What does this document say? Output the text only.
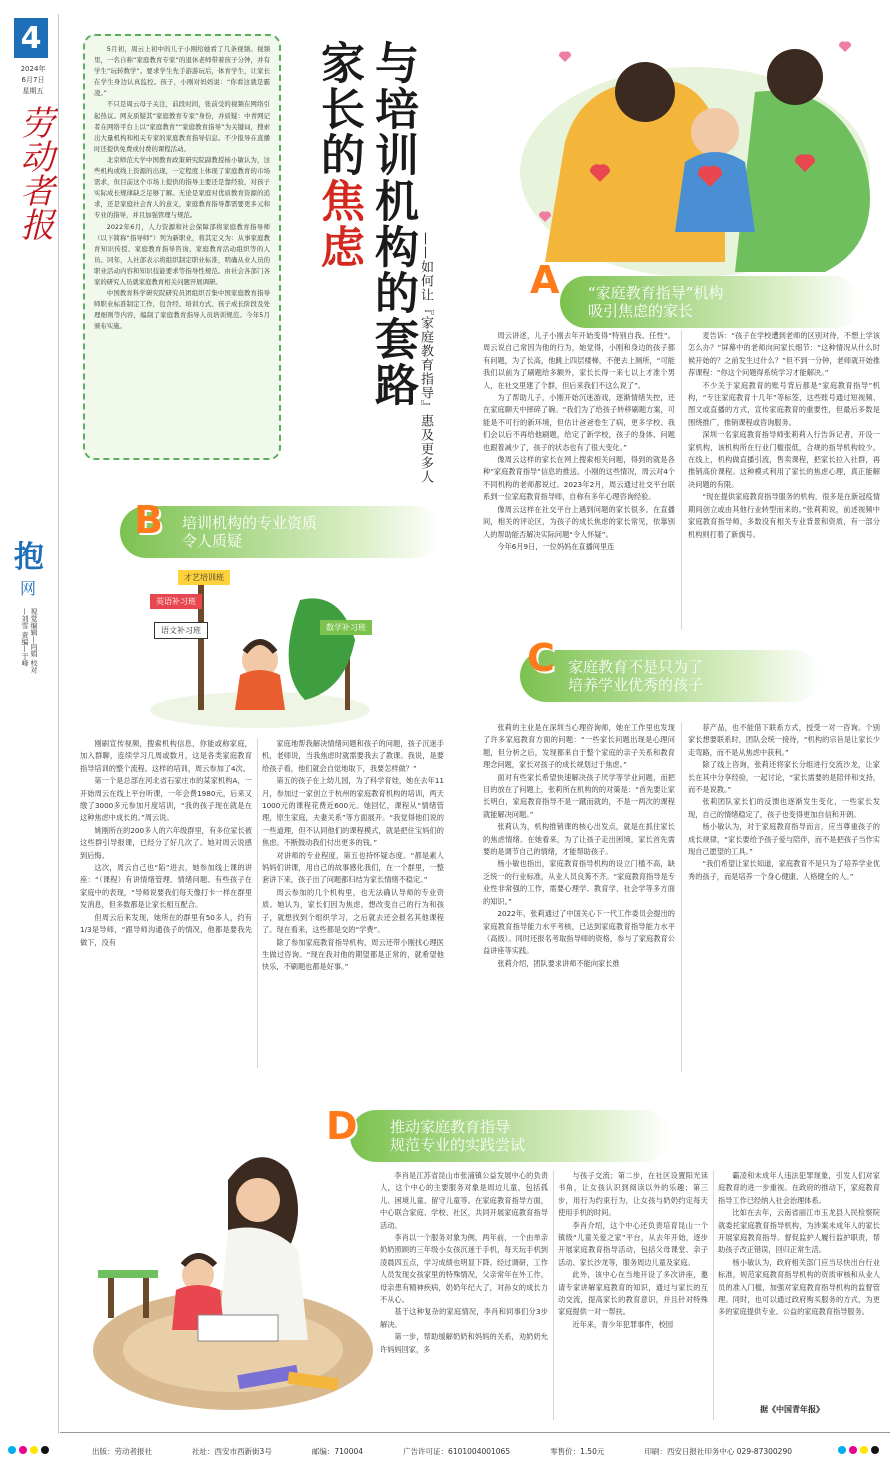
4
2024年
6月7日
星期五
劳动者报
抱
网
视觉编辑—向娟 校对—刘雪 责编—于峰

5月初，周云上初中的儿子小刚给她看了几条视频。视频里，一名自称“家庭教育专家”的退休老师带着孩子分钟，并有学生“玩转数学”。要求学生先手游游玩后，体育学生，让家长在学生身边认真监控。孩子，小刚对妈妈说：“你看这就是霸凌。”

不只是周云母子关注，前段时间，张前受的视频在网络引起热议。网友质疑其“家庭教育专家”身份，并质疑：中青网记者在网络平台上以“家庭教育”“家庭教育指导”为关键词，搜索出大量机构和相关专家的家庭教育指导信息。不少报导在直播时还提供免费或付费的课程活动。

北京师范大学中国教育政策研究院副教授杨小敏认为，这些机构或线上资源的出现，一定程度上体现了家庭教育的市场需求，但目前这个市场上提供的指导主要还是靠经验，对孩子实际成长规律缺乏足够了解。无论是家庭对优质教育资源的追求，还是家庭社会育人的意义，家庭教育指导都需要更多元和专业的指导，并且加强管理与规范。

2022年6月，人力资源和社会保障部将家庭教育指导师（以下简称“指导师”）列为新职业，将其定义为：从事家庭教育知识传授、家庭教育指导咨询、家庭教育活动组织等的人员。同年，人社部表示将组织制定职业标准，明确从业人员的职业活动内容和知识技能要求等指导性规范。由社会各部门各家的研究人员就家庭教育相关问题开展调研。

中国教育科学研究院研究员团组织召集中国家庭教育指导师职业标准制定工作，包含经、培训方式、孩子成长阶段及处理细则等内容，编制了家庭教育指导人员培训规范。今年5月颁布实施。	与培训机构的套路
家长的焦虑
——如何让『家庭教育指导』惠及更多人	A “家庭教育指导”机构
吸引焦虑的家长

周云讲述，儿子小刚去年开始变得“特别自我、任性”。周云说自己常因为他的行为，她觉得，小刚和身边的孩子都有问题，为了长高，他跳上四层楼梯，不便去上厕所，“可能我们以前为了刷题给多额外，家长长得一来七以上才准个男人，在社交里建了个群，但后来我们不这么说了”。

为了帮助儿子，小刚开始沉迷游戏，逐渐情绪失控，还在家庭聊天中摔碎了碗。“我们为了给孩子转移刷题方案，可能是不可行的新环境，但估计爸爸卷生了病，更多学校、我们会以后不再给他刷题，给定了新学校，孩子的身体、问题也跟着减少了，孩子的状态也有了很大变化。”

像周云这样的家长在网上搜索相关问题，得到的就是各种“家庭教育指导”信息的推送。小刚的这些情况，周云对4个不同机构的老师都说过。2023年2月，周云通过社交平台联系到一位家庭教育指导师，自称有多年心理咨询经验。

像周云这样在社交平台上遇到问题的家长很多。在直播间，相关的评论区，为孩子的成长焦虑的家长常见，依靠别人的帮助能否解决实际问题“令人怀疑”。

今年6月9日，一位妈妈在直播间里连

麦告诉：“孩子在学校遭到老师的区别对待，不想上学该怎么办？”屏幕中的老师向问家长细节：“这种情况从什么时候开始的？之前发生过什么？”但不到一分钟，老师就开始推荐课程：“你这个问题得系统学习才能解决。”

不少关于家庭教育的账号背后都是“家庭教育指导”机构，“专注家庭教育十几年”等标签，这些账号通过短视频、图文或直播的方式，宣传家庭教育的重要性，但最后多数是围绕推广，推销课程或咨询服务。

深圳一名家庭教育指导师张莉莉入行告诉记者，开设一家机构，该机构所在行业门槛很低，合规的指导机构较少。在线上，机构做直播引流，售卖课程，把家长拉入社群，再推销高价课程。这种模式利用了家长的焦虑心理，真正能解决问题的有限。

“现在提供家庭教育指导服务的机构，很多是在新冠疫情期间创立或由其他行业转型而来的。”张莉莉说，前述视频中家庭教育指导师，多数没有相关专业背景和资质，有一部分机构则打着了新旗号。

培训机构的专业资质
令人质疑
B
才艺培训班
英语补习班
语文补习班	数学补习班

刚刷宣传视频，搜索机构信息，你能或称家庭，加入群聊，连续学习几周或数月，这是各类家庭教育指导培训的整个流程。这样的培训，周云参加了4次。

第一个是总部在河北省石家庄市的某家机构A，一开始周云在线上平台听课，一年会费1980元，后来又缴了3000多元参加月度培训，“我的孩子现在就是在这种焦虑中成长的。”周云说。

姚刚所在的200多人的六年级群里，有多位家长被这些群引导报课，已经分了好几次了。她对周云说感到后悔。

这次，周云自己也“陷”进去，她参加线上课的讲座：“（课程）有讲情绪管理、情绪问题、有些孩子在家庭中的表现，“导师说要我们每天像打卡一样在群里发消息，但多数都是让家长相互配合。

但周云后来发现，她所在的群里有50多人，约有1/3是导师，“跟导师沟通孩子的情况，他都是要我先做下，没有

家庭地帮我解决情绪问题和孩子的问题，孩子沉迷手机，老师说，当我焦虑时就需要我去了教课。我说，是要给孩子看，他们就会自觉地取下，我要怎样做？”

第五的孩子在上幼儿园，为了科学育娃，她在去年11月，参加过一家创立于杭州的家庭教育机构的培训，两天1000元的课程花费近600元。她回忆，课程从“情绪管理，原生家庭，夫妻关系”等方面展开。“我觉得他们说的一些道理，但不认同他们的课程模式，就是把住宝妈们的焦虑。不断鼓动我们付出更多的钱。”

对讲师的专业程度，第五也持怀疑态度。“都是素人妈妈们讲课，用自己的故事感化我们，在一个群里，一整套讲下来，孩子出了问题都归结为家长情绪不稳定。”

周云参加的几个机构里，也无法确认导师的专业资质。她认为，家长们因为焦虑，想改变自己的行为和孩子，就想找到个组织学习，之后就去还会报名其他课程了。现在看来，这些都是交的“学费”。

除了参加家庭教育指导机构，周云还带小刚找心理医生做过咨询。“现在我对他的期望都是正常的，就希望他快乐，不刷题也都是好事。”

家庭教育不是只为了
培养学业优秀的孩子
C

张莉的主业是在深圳当心理咨询师，她在工作里也发现了许多家庭教育方面的问题：“一些家长问题出现是心理问题，但分析之后，发现都来自于整个家庭的亲子关系和教育理念问题，家长对孩子的成长规划过于焦虑。”

面对有些家长希望快速解决孩子厌学等学业问题，而把目的放在了问题上，张莉所在机构的的对策是：“首先要让家长明白，家庭教育指导不是一蹴而就的，不是一两次的课程就能解决问题。”

张莉认为，机构推销课的核心出发点，就是在抓住家长的焦虑情绪。在她看来，为了让孩子走出困境，家长首先需要的是调节自己的情绪，才能帮助孩子。

杨小敏也指出，家庭教育指导机构的设立门槛不高，缺乏统一的行业标准，从业人员良莠不齐。“家庭教育指导是专业性非常强的工作，需要心理学、教育学、社会学等多方面的知识。”

2022年，张莉通过了中国关心下一代工作委员会提出的家庭教育指导能力水平考核，已达到家庭教育指导能力水平（高级）。同时还报名考取指导师的资格，参与了家庭教育公益讲座等实践。

张莉介绍，团队要求讲师不能向家长推

荐产品，也不能借下联系方式，授受一对一咨询。个别家长想要联系时，团队会统一接待，“机构的宗旨是让家长少走弯路，而不是从焦虑中获利。”

除了线上咨询，张莉还将家长分组进行交流沙龙，让家长在其中分享经验，一起讨论，“家长需要的是陪伴和支持，而不是说教。”

张莉团队家长们的反馈也逐渐发生变化，一些家长发现，自己的情绪稳定了，孩子也变得更加自信和开朗。

杨小敏认为，对于家庭教育指导而言，应当尊重孩子的成长规律，“家长要给予孩子爱与陪伴，而不是把孩子当作实现自己愿望的工具。”

“我们希望让家长知道，家庭教育不是只为了培养学业优秀的孩子，而是培养一个身心健康、人格健全的人。”

推动家庭教育指导
规范专业的实践尝试
D

李肖是江苏省昆山市张浦镇公益发展中心的负责人，这个中心的主要服务对象是周边儿童，包括孤儿、困境儿童、留守儿童等。在家庭教育指导方面，中心联合家庭、学校、社区，共同开展家庭教育指导活动。

李肖以一个服务对象为例，两年前，一个由单亲奶奶照顾的三年级小女孩沉迷于手机，每天玩手机到凌晨四五点，学习成绩也明显下降。经过调研，工作人员发现女孩家里的特殊情况，父亲常年在外工作，母亲患有精神疾病，奶奶年纪大了，对孙女的成长力不从心。

基于这种复杂的家庭情况，李肖和同事们分3步解决。

第一步，帮助缓解奶奶和妈妈的关系，劝奶奶允许妈妈回家，多

与孩子交流；第二步，在社区设置阳光读书角，让女孩认识到阅读以外的乐趣；第三步，用行为约束行为，让女孩与奶奶约定每天使用手机的时间。

李肖介绍，这个中心还负责培育昆山一个镇级“儿童关爱之家”平台，从去年开始，逐步开展家庭教育指导活动，包括父母课堂、亲子活动、家长沙龙等，服务周边儿童及家庭。

此外，该中心在当地开设了多次讲座，邀请专家讲解家庭教育的知识，通过与家长的互动交流，提高家长的教育意识，并且针对特殊家庭提供一对一帮扶。

近年来，青少年犯罪事件，校园

霸凌和未成年人违法犯罪现象，引发人们对家庭教育的进一步重视。在政府的推动下，家庭教育指导工作已经纳入社会治理体系。

比如在去年，云南省丽江市玉龙县人民检察院就委托家庭教育指导机构，为涉案未成年人的家长开展家庭教育指导。督促监护人履行监护职责，帮助孩子改正错误，回归正常生活。

杨小敏认为，政府相关部门应当尽快出台行业标准，规范家庭教育指导机构的资质审核和从业人员的准入门槛，加强对家庭教育指导机构的监督管理。同时，也可以通过政府购买服务的方式，为更多的家庭提供专业、公益的家庭教育指导服务。

据《中国青年报》
出版：劳动者报社	社址：西安市西新街3号	邮编：710004	广告许可证：6101004001065	零售价：1.50元	印刷：西安日报社印务中心 029-87300290
